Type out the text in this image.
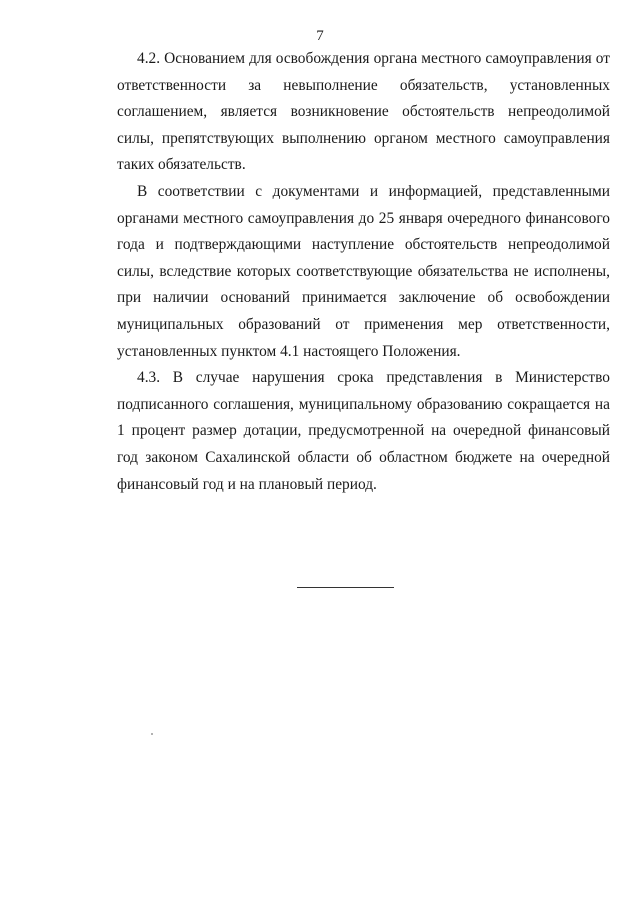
7

4.2. Основанием для освобождения органа местного самоуправления от ответственности за невыполнение обязательств, установленных соглашением, является возникновение обстоятельств непреодолимой силы, препятствующих выполнению органом местного самоуправления таких обязательств.

В соответствии с документами и информацией, представленными органами местного самоуправления до 25 января очередного финансового года и подтверждающими наступление обстоятельств непреодолимой силы, вследствие которых соответствующие обязательства не исполнены, при наличии оснований принимается заключение об освобождении муниципальных образований от применения мер ответственности, установленных пунктом 4.1 настоящего Положения.

4.3. В случае нарушения срока представления в Министерство подписанного соглашения, муниципальному образованию сокращается на 1 процент размер дотации, предусмотренной на очередной финансовый год законом Сахалинской области об областном бюджете на очередной финансовый год и на плановый период.
